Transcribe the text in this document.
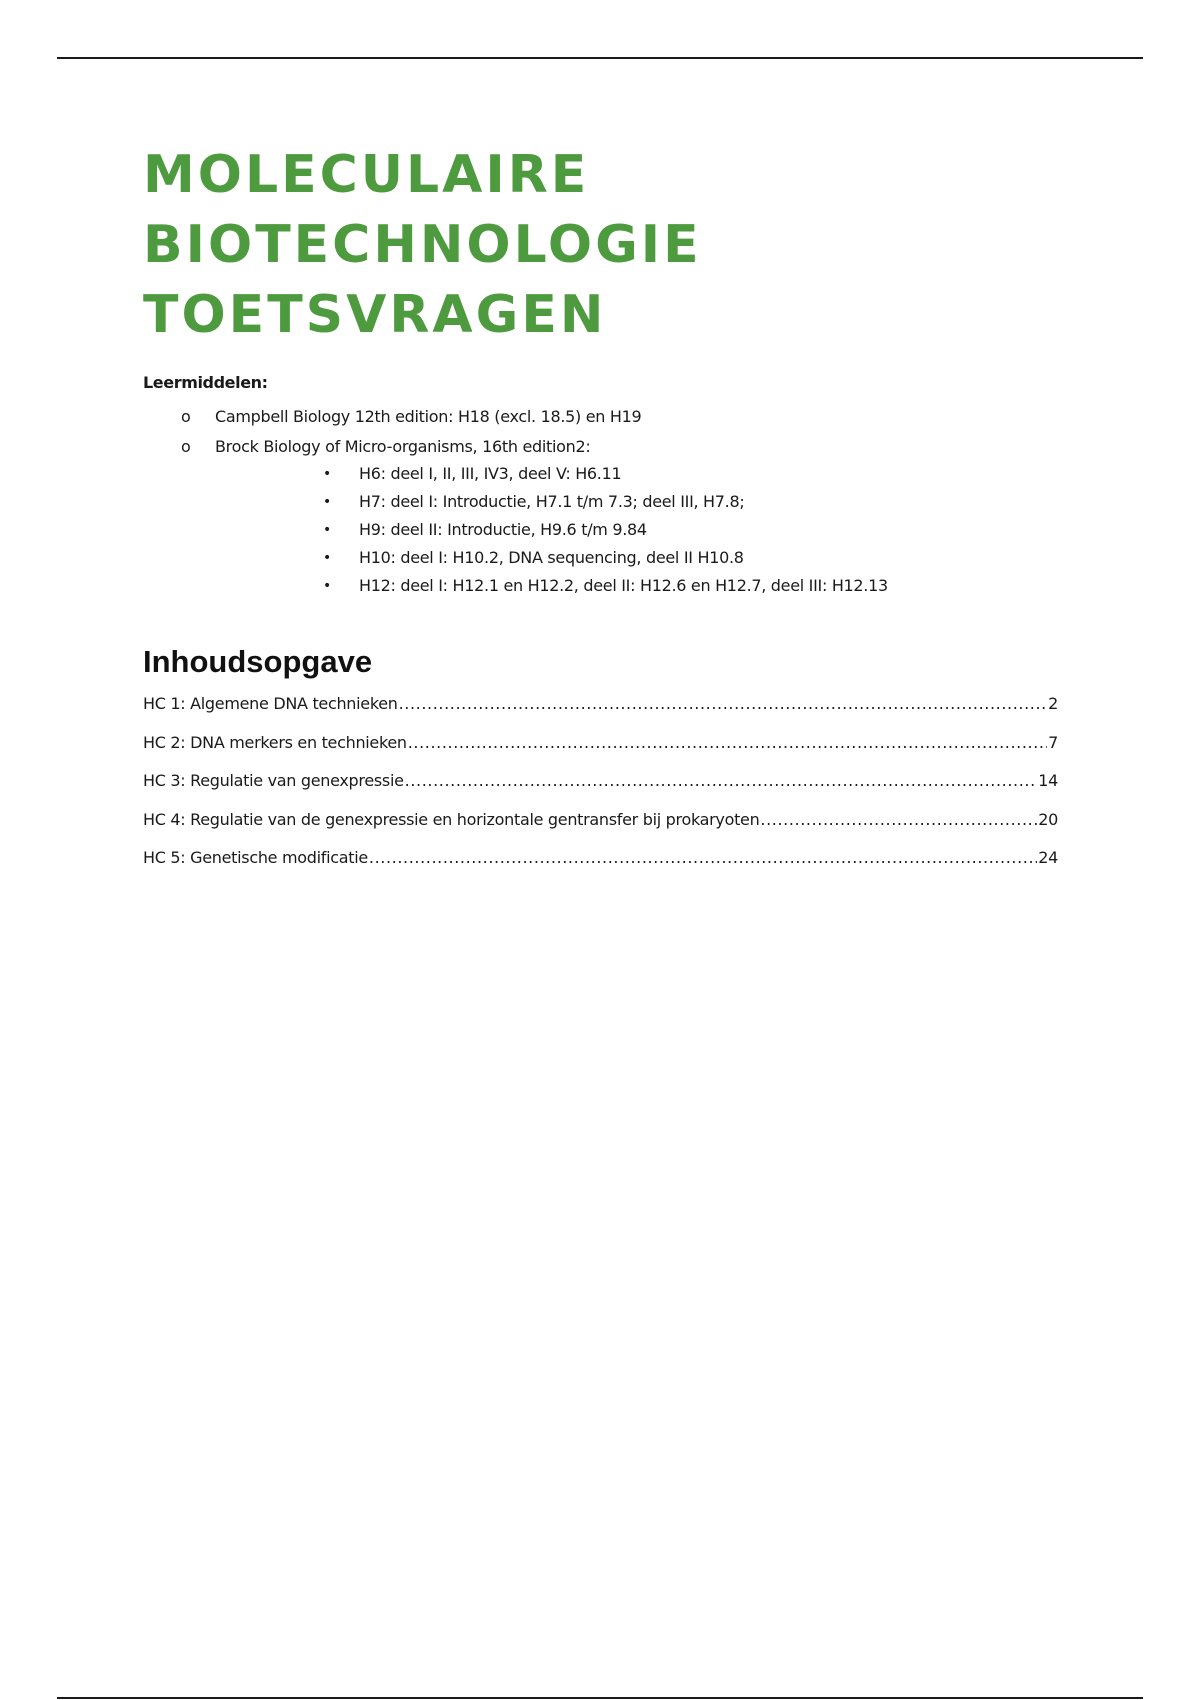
MOLECULAIRE
BIOTECHNOLOGIE
TOETSVRAGEN
Leermiddelen:
o Campbell Biology 12th edition: H18 (excl. 18.5) en H19
o Brock Biology of Micro-organisms, 16th edition2:
• H6: deel I, II, III, IV3, deel V: H6.11
• H7: deel I: Introductie, H7.1 t/m 7.3; deel III, H7.8;
• H9: deel II: Introductie, H9.6 t/m 9.84
• H10: deel I: H10.2, DNA sequencing, deel II H10.8
• H12: deel I: H12.1 en H12.2, deel II: H12.6 en H12.7, deel III: H12.13
Inhoudsopgave
HC 1: Algemene DNA technieken .....	2
HC 2: DNA merkers en technieken .....	7
HC 3: Regulatie van genexpressie .....	14
HC 4: Regulatie van de genexpressie en horizontale gentransfer bij prokaryoten .....	20
HC 5: Genetische modificatie .....	24
